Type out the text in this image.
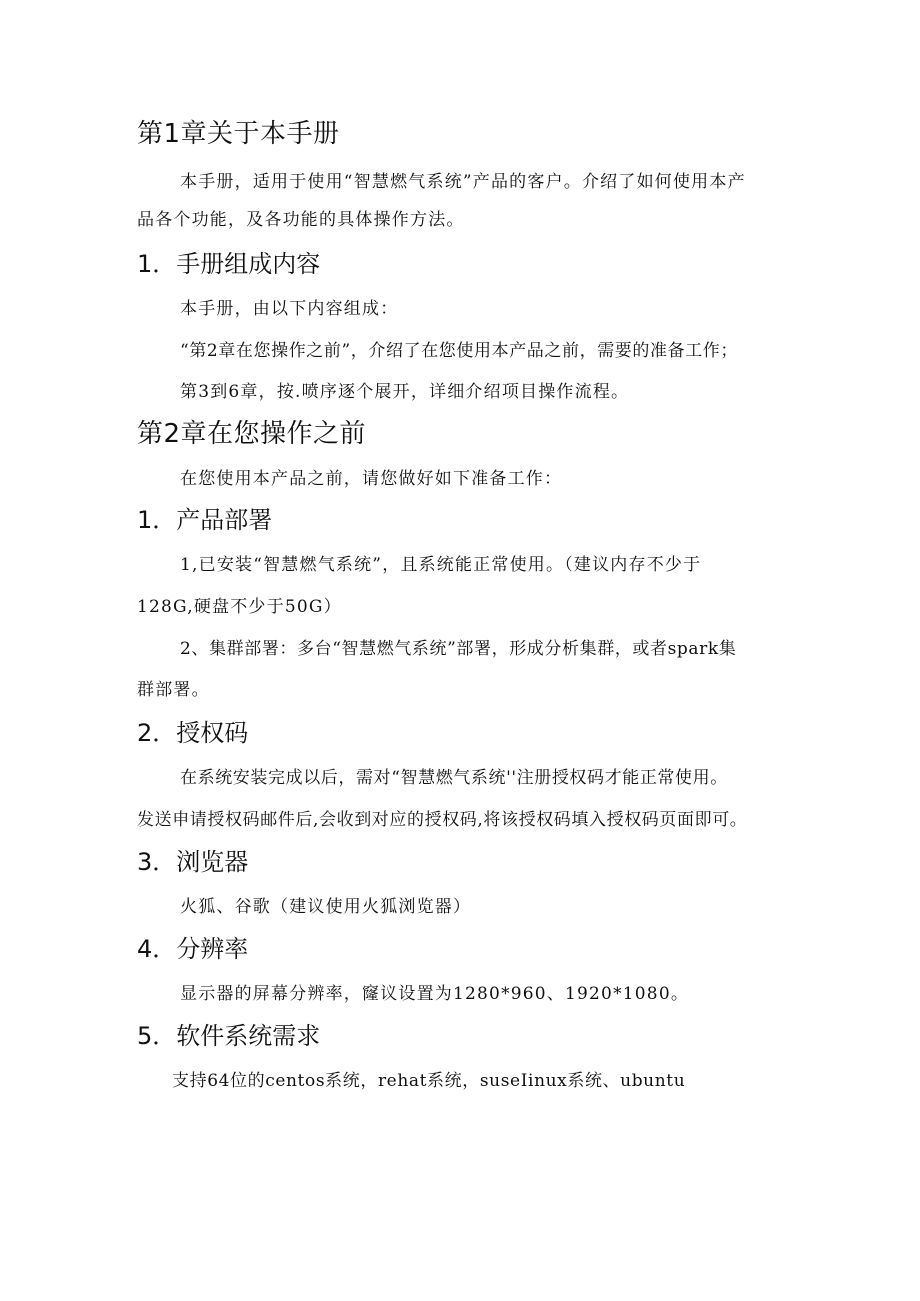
第1章关于本手册
本手册，适用于使用“智慧燃气系统”产品的客户。介绍了如何使用本产
品各个功能，及各功能的具体操作方法。
1．手册组成内容
本手册，由以下内容组成：
“第2章在您操作之前”，介绍了在您使用本产品之前，需要的准备工作；
第3到6章，按.喷序逐个展开，详细介绍项目操作流程。
第2章在您操作之前
在您使用本产品之前，请您做好如下准备工作：
1．产品部署
1,已安装“智慧燃气系统”，且系统能正常使用。（建议内存不少于
128G,硬盘不少于50G）
2、集群部署：多台“智慧燃气系统”部署，形成分析集群，或者spark集
群部署。
2．授权码
在系统安装完成以后，需对“智慧燃气系统''注册授权码才能正常使用。
发送申请授权码邮件后,会收到对应的授权码,将该授权码填入授权码页面即可。
3．浏览器
火狐、谷歌（建议使用火狐浏览器）
4．分辨率
显示器的屏幕分辨率，窿议设置为1280*960、1920*1080。
5．软件系统需求
支持64位的centos系统，rehat系统，suseIinux系统、ubuntu
